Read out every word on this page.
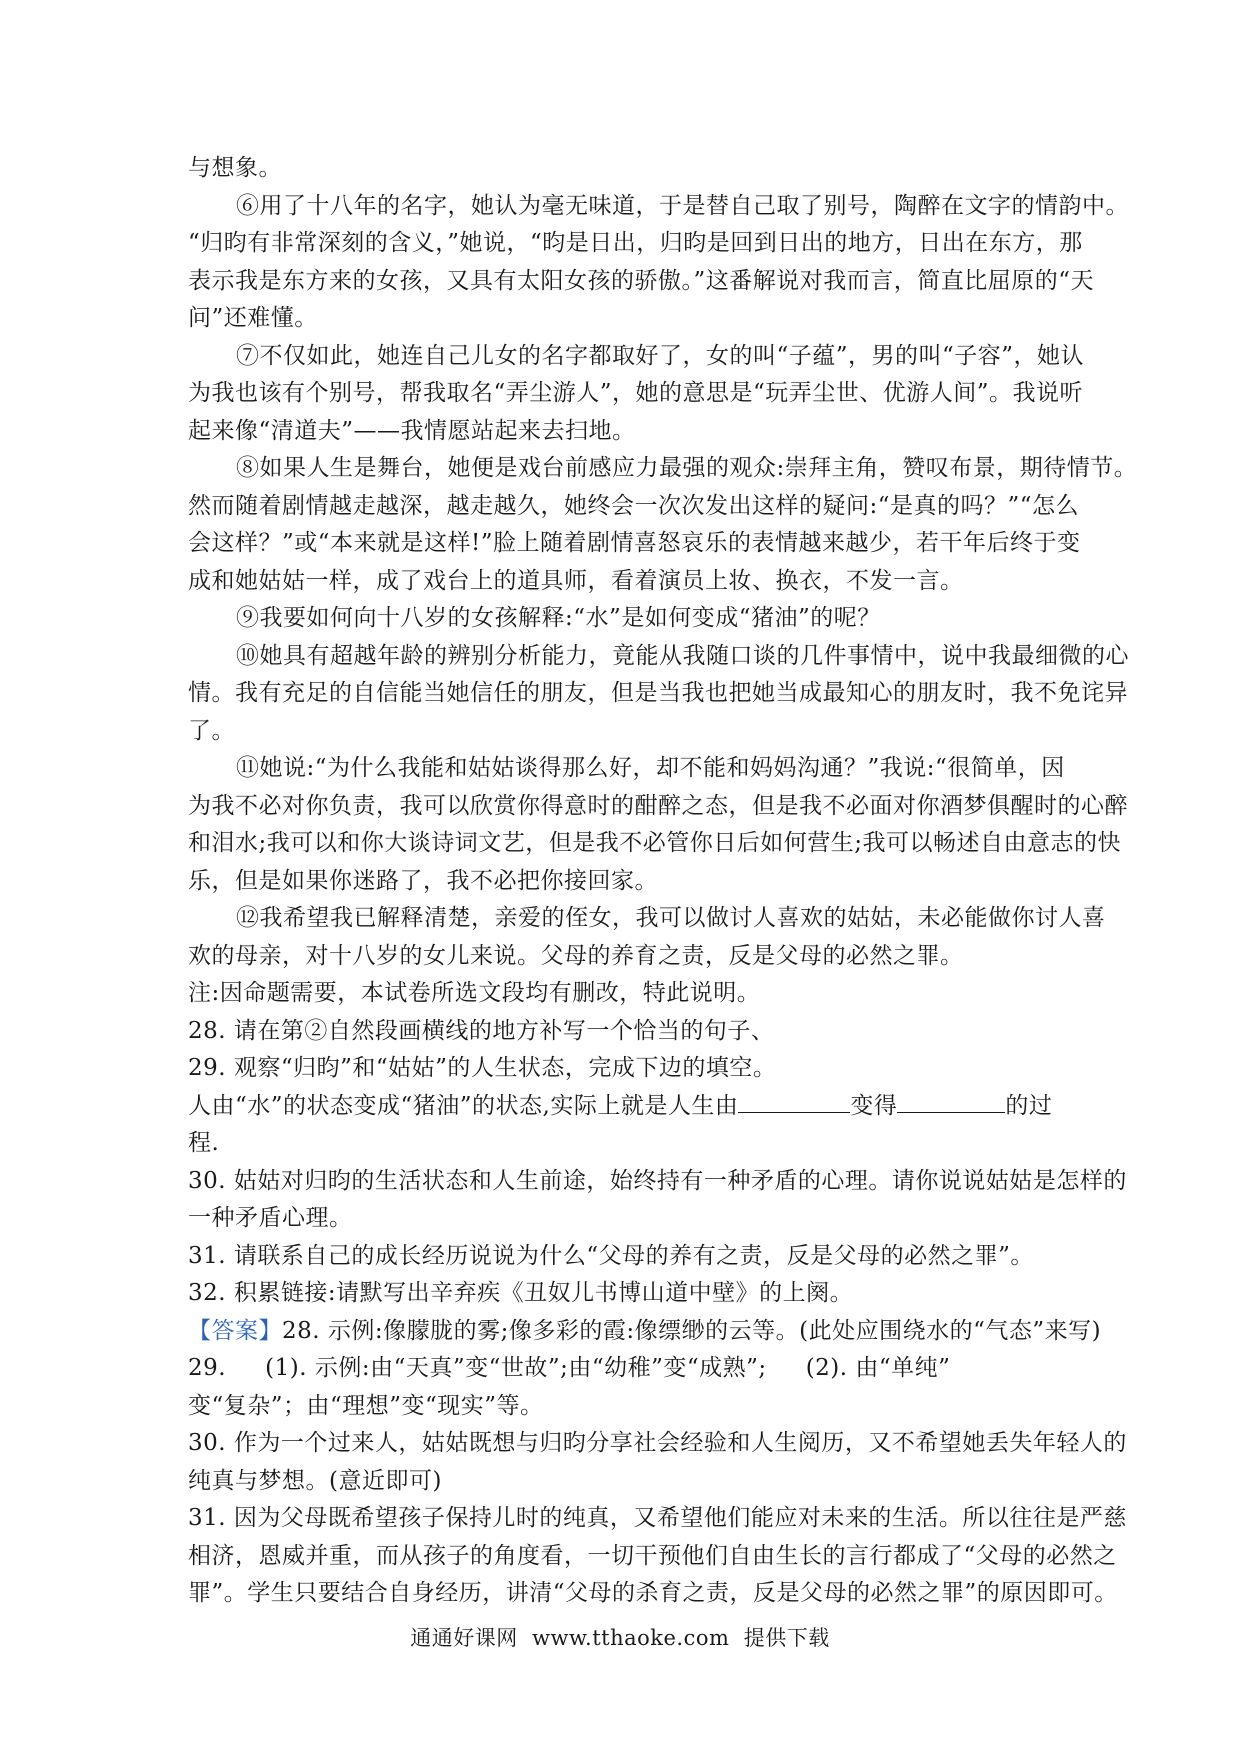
与想象。
⑥用了十八年的名字，她认为毫无味道，于是替自己取了别号，陶醉在文字的情韵中。
“归昀有非常深刻的含义，”她说，“昀是日出，归昀是回到日出的地方，日出在东方，那
表示我是东方来的女孩，又具有太阳女孩的骄傲。”这番解说对我而言，简直比屈原的“天
问”还难懂。
⑦不仅如此，她连自己儿女的名字都取好了，女的叫“子蕴”，男的叫“子容”，她认
为我也该有个别号，帮我取名“弄尘游人”，她的意思是“玩弄尘世、优游人间”。我说听
起来像“清道夫”——我情愿站起来去扫地。
⑧如果人生是舞台，她便是戏台前感应力最强的观众:崇拜主角，赞叹布景，期待情节。
然而随着剧情越走越深，越走越久，她终会一次次发出这样的疑问:“是真的吗？”“怎么
会这样？”或“本来就是这样!”脸上随着剧情喜怒哀乐的表情越来越少，若干年后终于变
成和她姑姑一样，成了戏台上的道具师，看着演员上妆、换衣，不发一言。
⑨我要如何向十八岁的女孩解释:“水”是如何变成“猪油”的呢？
⑩她具有超越年龄的辨别分析能力，竟能从我随口谈的几件事情中，说中我最细微的心
情。我有充足的自信能当她信任的朋友，但是当我也把她当成最知心的朋友时，我不免诧异
了。
⑪她说:“为什么我能和姑姑谈得那么好，却不能和妈妈沟通？”我说:“很简单，因
为我不必对你负责，我可以欣赏你得意时的酣醉之态，但是我不必面对你酒梦俱醒时的心醉
和泪水;我可以和你大谈诗词文艺，但是我不必管你日后如何营生;我可以畅述自由意志的快
乐，但是如果你迷路了，我不必把你接回家。
⑫我希望我已解释清楚，亲爱的侄女，我可以做讨人喜欢的姑姑，未必能做你讨人喜
欢的母亲，对十八岁的女儿来说。父母的养育之责，反是父母的必然之罪。
注:因命题需要，本试卷所选文段均有删改，特此说明。
28. 请在第②自然段画横线的地方补写一个恰当的句子、
29. 观察“归昀”和“姑姑”的人生状态，完成下边的填空。
人由“水”的状态变成“猪油”的状态,实际上就是人生由	变得	的过
程.
30. 姑姑对归昀的生活状态和人生前途，始终持有一种矛盾的心理。请你说说姑姑是怎样的
一种矛盾心理。
31. 请联系自己的成长经历说说为什么“父母的养有之责，反是父母的必然之罪”。
32. 积累链接:请默写出辛弃疾《丑奴儿书博山道中壁》的上阕。
【答案】28. 示例:像朦胧的雾;像多彩的霞:像缥缈的云等。(此处应围绕水的“气态”来写)
29.     (1). 示例:由“天真”变“世故”;由“幼稚”变“成熟”;     (2). 由“单纯”
变“复杂”；由“理想”变“现实”等。
30. 作为一个过来人，姑姑既想与归昀分享社会经验和人生阅历，又不希望她丢失年轻人的
纯真与梦想。(意近即可)
31. 因为父母既希望孩子保持儿时的纯真，又希望他们能应对未来的生活。所以往往是严慈
相济，恩威并重，而从孩子的角度看，一切干预他们自由生长的言行都成了“父母的必然之
罪”。学生只要结合自身经历，讲清“父母的杀育之责，反是父母的必然之罪”的原因即可。
通通好课网  www.tthaoke.com  提供下载
